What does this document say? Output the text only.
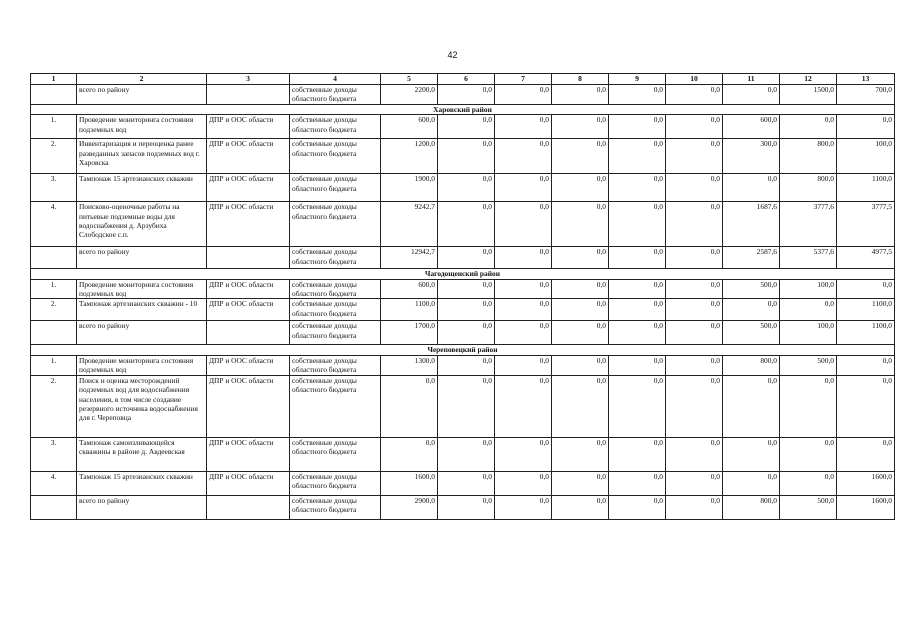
42
1	2	3	4	5	6	7	8	9	10	11	12	13
	всего по району		собственные доходы областного бюджета	2200,0	0,0	0,0	0,0	0,0	0,0	0,0	1500,0	700,0
Харовский район												
1.	Проведение мониторинга состояния подземных вод	ДПР и ООС области	собственные доходы областного бюджета	600,0	0,0	0,0	0,0	0,0	0,0	600,0	0,0	0,0
2.	Инвентаризация и переоценка ранее разведанных запасов подземных вод г. Харовска	ДПР и ООС области	собственные доходы областного бюджета	1200,0	0,0	0,0	0,0	0,0	0,0	300,0	800,0	100,0
3.	Тампонаж 15 артезианских скважин	ДПР и ООС области	собственные доходы областного бюджета	1900,0	0,0	0,0	0,0	0,0	0,0	0,0	800,0	1100,0
4.	Поисково-оценочные работы на питьевые подземные воды для водоснабжения д. Арзубиха Слободское с.п.	ДПР и ООС области	собственные доходы областного бюджета	9242,7	0,0	0,0	0,0	0,0	0,0	1687,6	3777,6	3777,5
	всего по району		собственные доходы областного бюджета	12942,7	0,0	0,0	0,0	0,0	0,0	2587,6	5377,6	4977,5
Чагодощенский район												
1.	Проведение мониторинга состояния подземных вод	ДПР и ООС области	собственные доходы областного бюджета	600,0	0,0	0,0	0,0	0,0	0,0	500,0	100,0	0,0
2.	Тампонаж артезианских скважин - 10	ДПР и ООС области	собственные доходы областного бюджета	1100,0	0,0	0,0	0,0	0,0	0,0	0,0	0,0	1100,0
	всего по району		собственные доходы областного бюджета	1700,0	0,0	0,0	0,0	0,0	0,0	500,0	100,0	1100,0
Череповецкий район												
1.	Проведение мониторинга состояния подземных вод	ДПР и ООС области	собственные доходы областного бюджета	1300,0	0,0	0,0	0,0	0,0	0,0	800,0	500,0	0,0
2.	Поиск и оценка месторождений подземных вод для водоснабжения населения, в том числе создание резервного источника водоснабжения для г. Череповца	ДПР и ООС области	собственные доходы областного бюджета	0,0	0,0	0,0	0,0	0,0	0,0	0,0	0,0	0,0
3.	Тампонаж самоизливающейся скважины в районе д. Авдеевская	ДПР и ООС области	собственные доходы областного бюджета	0,0	0,0	0,0	0,0	0,0	0,0	0,0	0,0	0,0
4.	Тампонаж 15 артезианских скважин	ДПР и ООС области	собственные доходы областного бюджета	1600,0	0,0	0,0	0,0	0,0	0,0	0,0	0,0	1600,0
	всего по району		собственные доходы областного бюджета	2900,0	0,0	0,0	0,0	0,0	0,0	800,0	500,0	1600,0
